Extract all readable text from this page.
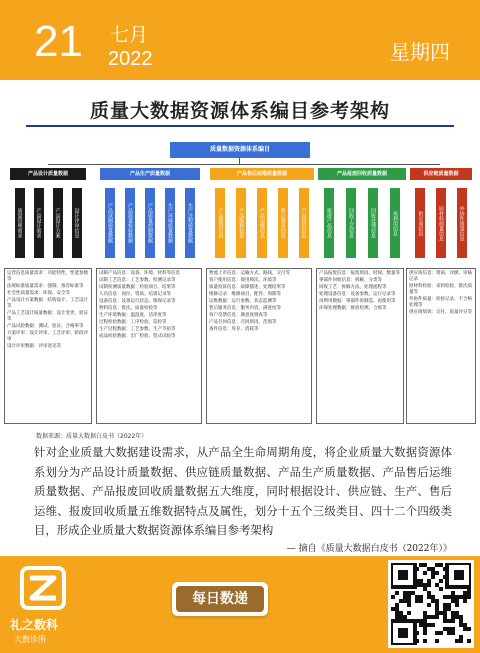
21 七月
2022	星期四
质量大数据资源体系编目参考架构
质量数据资源体系编目
产品设计质量数据	产品生产质量数据	产品售后运维质量数据	产品报废回收质量数据	供应链质量数据
质量管理需求	产品设计需求	产品设计方案	设计评审信息	产品试制质量数据	产品质量检验数据	产品质量控制数据	生产环境质量数据	生产过程质量数据	产品使用信息	产品维修信息	产品运维信息	售后服务信息	产品投诉信息	报废产品信息	回收工艺信息	回收处理信息	再利用信息	供应商信息	原材料质量信息	外协件质量信息
运营信息质量需求：功能特性、性能参数等
法规标准质量需求：强制、推荐标准等
社会性质量需求：环保、安全等
产品设计方案数据：结构设计、工艺设计等
产品工艺设计质量数据：设计变更、验证等
产品试验数据：测试、验证、合格率等
方案评审：设计评审、工艺评审、阶段评审
设计评审数据：评审意见等
试制产品信息：设备、环境、材料等信息
试制工艺信息：工艺参数、检测记录等
试制检测质量数据：检验项目、结果等
人员信息：岗位、资质、培训记录等
设备信息：设备运行状态、维保记录等
物料信息：批次、质量检验等
生产环境数据：温湿度、洁净度等
过程检验数据：工序检验、巡检等
生产过程数据：工艺参数、生产节拍等
成品检验数据：出厂检验、型式试验等
物流上市信息：运输方式、路线、交付等
客户使用信息：使用频次、环境等
质量投诉信息：故障描述、处理结果等
维修记录：维修项目、配件、周期等
运维数据：运行参数、状态监测等
售后服务信息：服务内容、满意度等
客户反馈信息：满意度调查等
产品召回信息：召回原因、范围等
备件信息：库存、消耗等
产品报废信息：报废原因、时间、数量等
零部件回收信息：拆解、分类等
回收工艺：拆解方法、处理流程等
处理设备信息：设备参数、运行记录等
再利用数据：零部件再制造、再使用等
环保处理数据：排放检测、合规等
供应商信息：资质、评级、审核记录
原材料检验：来料检验、批次质量等
外协件质量：检验记录、不合格处理等
供应商绩效：交付、质量评分等
数据来源：质量大数据白皮书（2022年）
针对企业质量大数据建设需求，从产品全生命周期角度，将企业质量大数据资源体系划分为产品设计质量数据、供应链质量数据、产品生产质量数据、产品售后运维质量数据、产品报废回收质量数据五大维度，同时根据设计、供应链、生产、售后运维、报废回收质量五维数据特点及属性，划分十五个三级类目、四十二个四级类目，形成企业质量大数据资源体系编目参考架构
— 摘自《质量大数据白皮书（2022年）》
礼之数科
大数诊所
每日数递
